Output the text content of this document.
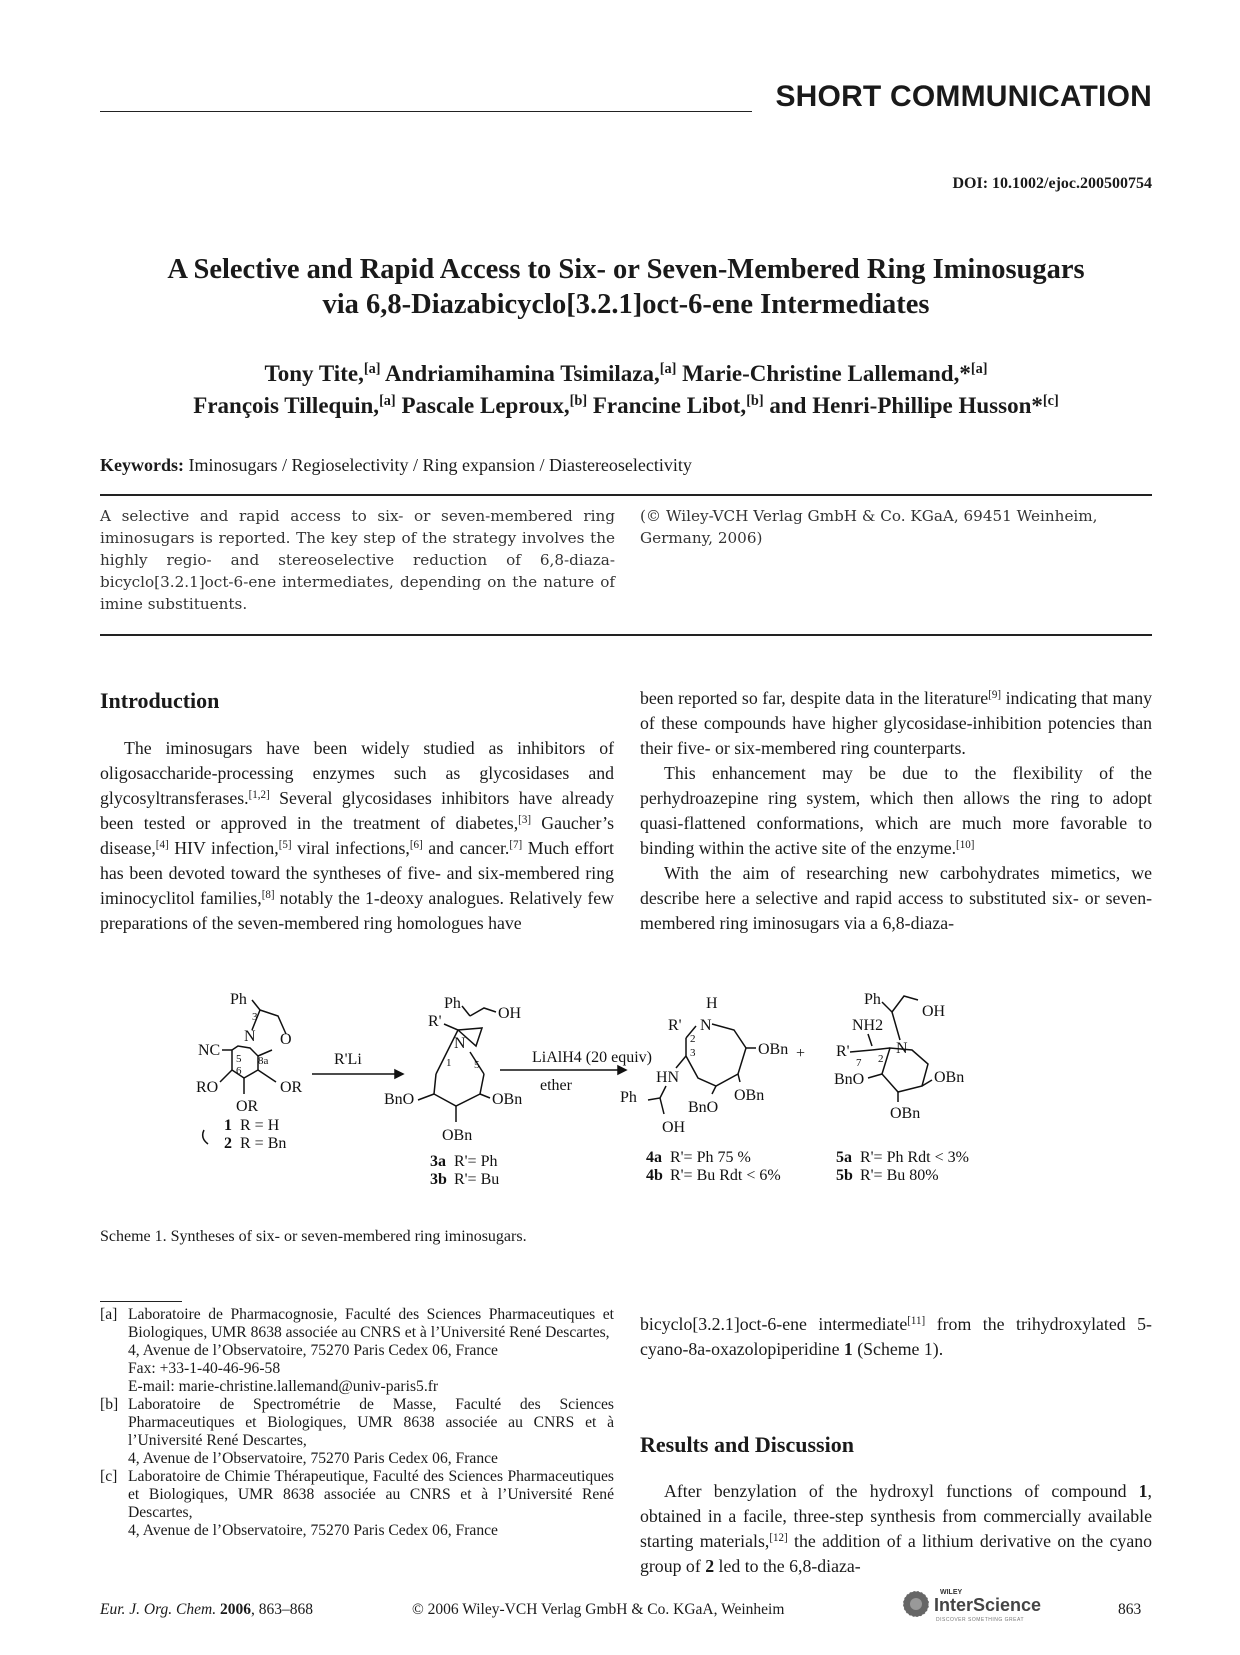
SHORT COMMUNICATION
DOI: 10.1002/ejoc.200500754
A Selective and Rapid Access to Six- or Seven-Membered Ring Iminosugars
via 6,8-Diazabicyclo[3.2.1]oct-6-ene Intermediates
Tony Tite,[a] Andriamihamina Tsimilaza,[a] Marie-Christine Lallemand,*[a]
François Tillequin,[a] Pascale Leproux,[b] Francine Libot,[b] and Henri-Phillipe Husson*[c]
Keywords: Iminosugars / Regioselectivity / Ring expansion / Diastereoselectivity
A selective and rapid access to six- or seven-membered ring iminosugars is reported. The key step of the strategy involves the highly regio- and stereoselective reduction of 6,8-diaza-bicyclo[3.2.1]oct-6-ene intermediates, depending on the nature of imine substituents.
(© Wiley-VCH Verlag GmbH & Co. KGaA, 69451 Weinheim, Germany, 2006)
Introduction

The iminosugars have been widely studied as inhibitors of oligosaccharide-processing enzymes such as glycosidases and glycosyltransferases.[1,2] Several glycosidases inhibitors have already been tested or approved in the treatment of diabetes,[3] Gaucher’s disease,[4] HIV infection,[5] viral infections,[6] and cancer.[7] Much effort has been devoted toward the syntheses of five- and six-membered ring iminocyclitol families,[8] notably the 1-deoxy analogues. Relatively few preparations of the seven-membered ring homologues have

been reported so far, despite data in the literature[9] indicating that many of these compounds have higher glycosidase-inhibition potencies than their five- or six-membered ring counterparts.

This enhancement may be due to the flexibility of the perhydroazepine ring system, which then allows the ring to adopt quasi-flattened conformations, which are much more favorable to binding within the active site of the enzyme.[10]

With the aim of researching new carbohydrates mimetics, we describe here a selective and rapid access to substituted six- or seven-membered ring iminosugars via a 6,8-diaza-

Ph
O
N
3
NC 5
6
8a
RO	OR
OR
1 R = H
2 R = Bn
R'Li
Ph
OH
R'
N
1 5
BnO	OBn
OBn
3a R'= Ph
3b R'= Bu
LiAlH4 (20 equiv)
ether
H
N
R'
2
3	OBn
OBn
BnO
HN
Ph
OH
4a R'= Ph 75 %
4b R'= Bu Rdt < 6%
+
Ph
OH
NH2
R'
7 2
N
BnO	OBn
OBn
5a R'= Ph Rdt < 3%
5b R'= Bu 80%
Scheme 1. Syntheses of six- or seven-membered ring iminosugars.
[a] Laboratoire de Pharmacognosie, Faculté des Sciences Pharmaceutiques et Biologiques, UMR 8638 associée au CNRS et à l’Université René Descartes,
4, Avenue de l’Observatoire, 75270 Paris Cedex 06, France
Fax: +33-1-40-46-96-58
E-mail: marie-christine.lallemand@univ-paris5.fr
[b] Laboratoire de Spectrométrie de Masse, Faculté des Sciences Pharmaceutiques et Biologiques, UMR 8638 associée au CNRS et à l’Université René Descartes,
4, Avenue de l’Observatoire, 75270 Paris Cedex 06, France
[c] Laboratoire de Chimie Thérapeutique, Faculté des Sciences Pharmaceutiques et Biologiques, UMR 8638 associée au CNRS et à l’Université René Descartes,
4, Avenue de l’Observatoire, 75270 Paris Cedex 06, France

bicyclo[3.2.1]oct-6-ene intermediate[11] from the trihydroxylated 5-cyano-8a-oxazolopiperidine 1 (Scheme 1).

Results and Discussion

After benzylation of the hydroxyl functions of compound 1, obtained in a facile, three-step synthesis from commercially available starting materials,[12] the addition of a lithium derivative on the cyano group of 2 led to the 6,8-diaza-

Eur. J. Org. Chem. 2006, 863–868	© 2006 Wiley-VCH Verlag GmbH & Co. KGaA, Weinheim
WILEY
InterScience
DISCOVER SOMETHING GREAT
863
